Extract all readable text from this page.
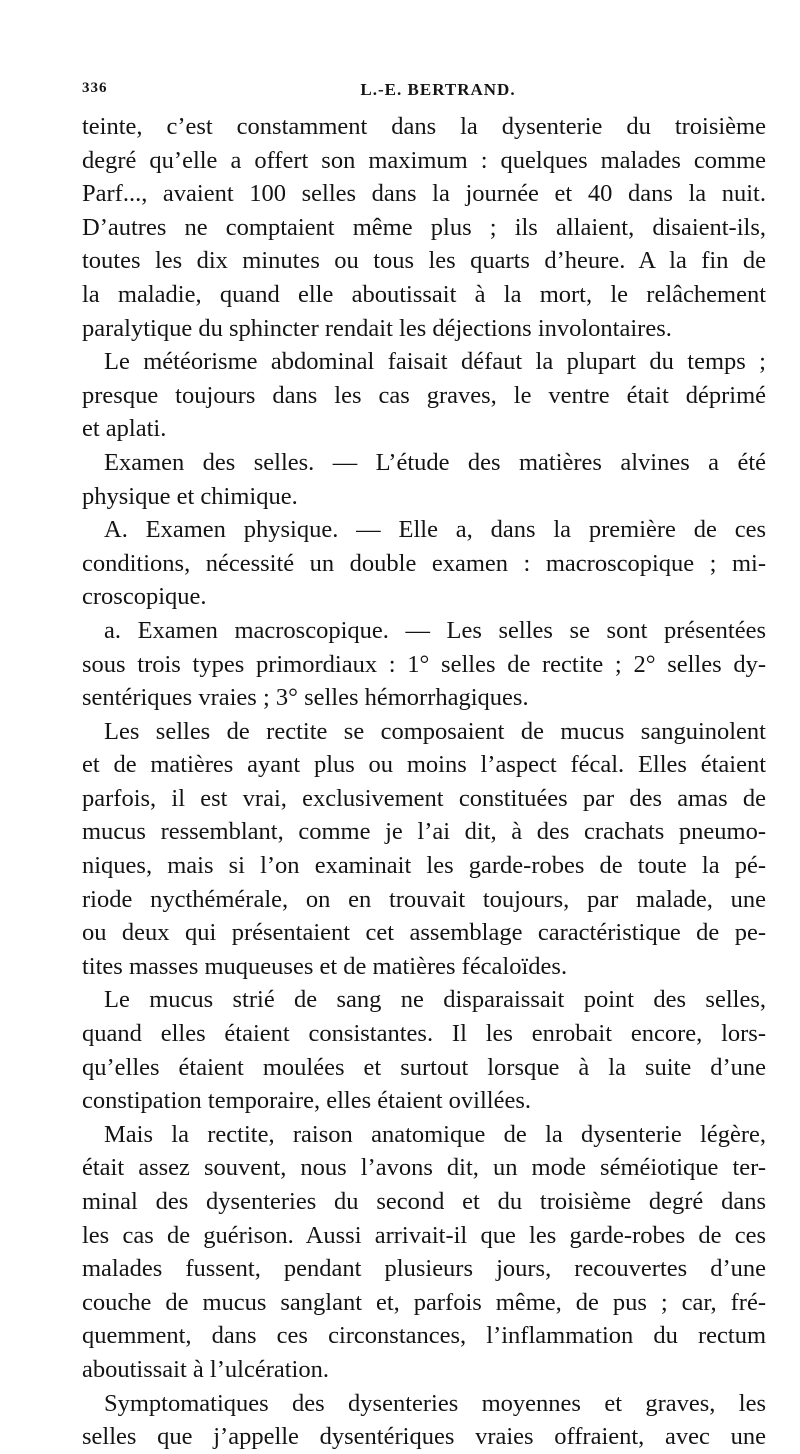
336	L.-E. BERTRAND.
teinte, c’est constamment dans la dysenterie du troisième
degré qu’elle a offert son maximum : quelques malades comme
Parf..., avaient 100 selles dans la journée et 40 dans la nuit.
D’autres ne comptaient même plus ; ils allaient, disaient-ils,
toutes les dix minutes ou tous les quarts d’heure. A la fin de
la maladie, quand elle aboutissait à la mort, le relâchement
paralytique du sphincter rendait les déjections involontaires.
Le météorisme abdominal faisait défaut la plupart du temps ;
presque toujours dans les cas graves, le ventre était déprimé
et aplati.
Examen des selles. — L’étude des matières alvines a été
physique et chimique.
A. Examen physique. — Elle a, dans la première de ces
conditions, nécessité un double examen : macroscopique ; mi-
croscopique.
a. Examen macroscopique. — Les selles se sont présentées
sous trois types primordiaux : 1° selles de rectite ; 2° selles dy-
sentériques vraies ; 3° selles hémorrhagiques.
Les selles de rectite se composaient de mucus sanguinolent
et de matières ayant plus ou moins l’aspect fécal. Elles étaient
parfois, il est vrai, exclusivement constituées par des amas de
mucus ressemblant, comme je l’ai dit, à des crachats pneumo-
niques, mais si l’on examinait les garde-robes de toute la pé-
riode nycthémérale, on en trouvait toujours, par malade, une
ou deux qui présentaient cet assemblage caractéristique de pe-
tites masses muqueuses et de matières fécaloïdes.
Le mucus strié de sang ne disparaissait point des selles,
quand elles étaient consistantes. Il les enrobait encore, lors-
qu’elles étaient moulées et surtout lorsque à la suite d’une
constipation temporaire, elles étaient ovillées.
Mais la rectite, raison anatomique de la dysenterie légère,
était assez souvent, nous l’avons dit, un mode séméiotique ter-
minal des dysenteries du second et du troisième degré dans
les cas de guérison. Aussi arrivait-il que les garde-robes de ces
malades fussent, pendant plusieurs jours, recouvertes d’une
couche de mucus sanglant et, parfois même, de pus ; car, fré-
quemment, dans ces circonstances, l’inflammation du rectum
aboutissait à l’ulcération.
Symptomatiques des dysenteries moyennes et graves, les
selles que j’appelle dysentériques vraies offraient, avec une
